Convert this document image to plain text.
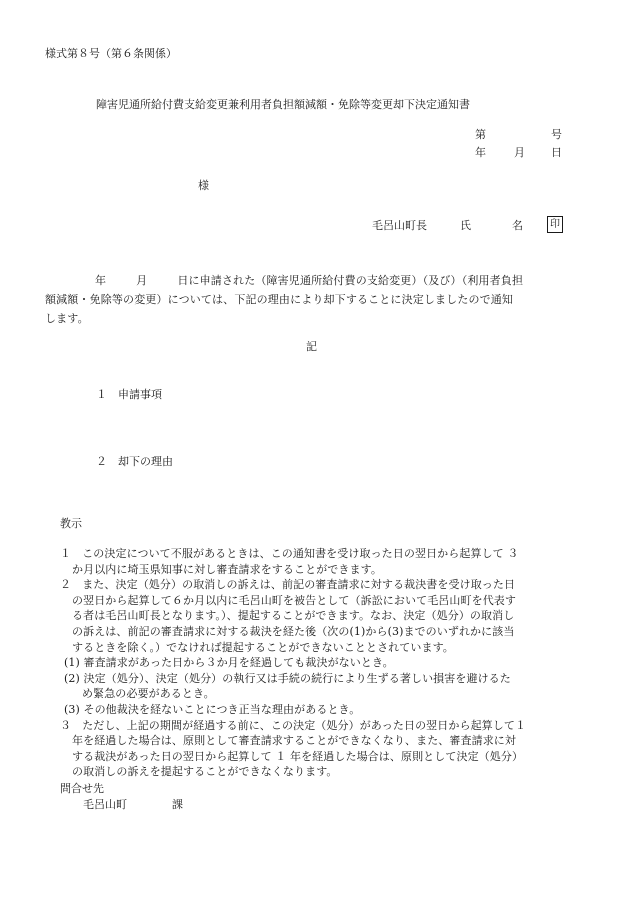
様式第８号（第６条関係）
障害児通所給付費支給変更兼利用者負担額減額・免除等変更却下決定通知書
第	号
年	月 日
様
毛呂山町長	氏	名	印
年	月	日に申請された（障害児通所給付費の支給変更）（及び）（利用者負担
額減額・免除等の変更）については、下記の理由により却下することに決定しましたので通知
します。
記
１　申請事項
２　却下の理由
教示
１　この決定について不服があるときは、この通知書を受け取った日の翌日から起算して ３
か月以内に埼玉県知事に対し審査請求をすることができます。
２　また、決定（処分）の取消しの訴えは、前記の審査請求に対する裁決書を受け取った日
の翌日から起算して６か月以内に毛呂山町を被告として（訴訟において毛呂山町を代表す
る者は毛呂山町長となります。）、提起することができます。なお、決定（処分）の取消し
の訴えは、前記の審査請求に対する裁決を経た後（次の(1)から(3)までのいずれかに該当
するときを除く。）でなければ提起することができないこととされています。
(1) 審査請求があった日から３か月を経過しても裁決がないとき。
(2) 決定（処分）、決定（処分）の執行又は手続の続行により生ずる著しい損害を避けるた
め緊急の必要があるとき。
(3) その他裁決を経ないことにつき正当な理由があるとき。
３　ただし、上記の期間が経過する前に、この決定（処分）があった日の翌日から起算して１
年を経過した場合は、原則として審査請求することができなくなり、また、審査請求に対
する裁決があった日の翌日から起算して １ 年を経過した場合は、原則として決定（処分）
の取消しの訴えを提起することができなくなります。
問合せ先
毛呂山町	課
